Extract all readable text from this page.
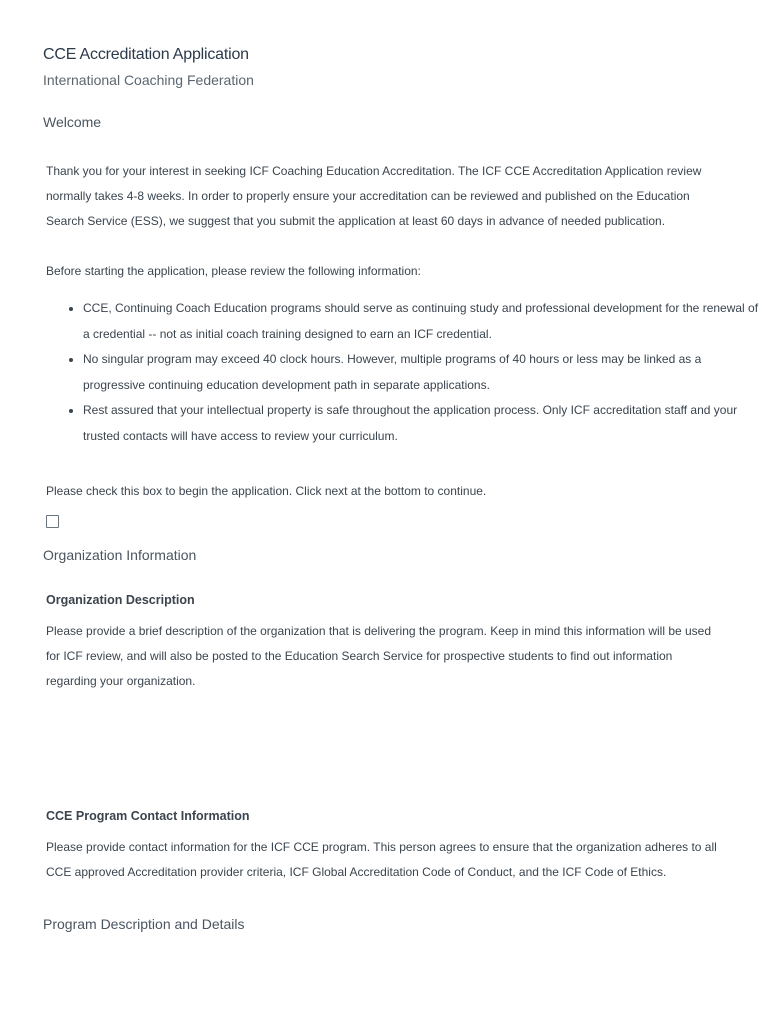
CCE Accreditation Application

International Coaching Federation

Welcome

Thank you for your interest in seeking ICF Coaching Education Accreditation. The ICF CCE Accreditation Application review normally takes 4-8 weeks. In order to properly ensure your accreditation can be reviewed and published on the Education Search Service (ESS), we suggest that you submit the application at least 60 days in advance of needed publication.

Before starting the application, please review the following information:

• CCE, Continuing Coach Education programs should serve as continuing study and professional development for the renewal of a credential -- not as initial coach training designed to earn an ICF credential.
• No singular program may exceed 40 clock hours. However, multiple programs of 40 hours or less may be linked as a progressive continuing education development path in separate applications.
• Rest assured that your intellectual property is safe throughout the application process. Only ICF accreditation staff and your trusted contacts will have access to review your curriculum.

Please check this box to begin the application. Click next at the bottom to continue.

Organization Information

Organization Description

Please provide a brief description of the organization that is delivering the program. Keep in mind this information will be used for ICF review, and will also be posted to the Education Search Service for prospective students to find out information regarding your organization.

CCE Program Contact Information

Please provide contact information for the ICF CCE program. This person agrees to ensure that the organization adheres to all CCE approved Accreditation provider criteria, ICF Global Accreditation Code of Conduct, and the ICF Code of Ethics.

Program Description and Details
